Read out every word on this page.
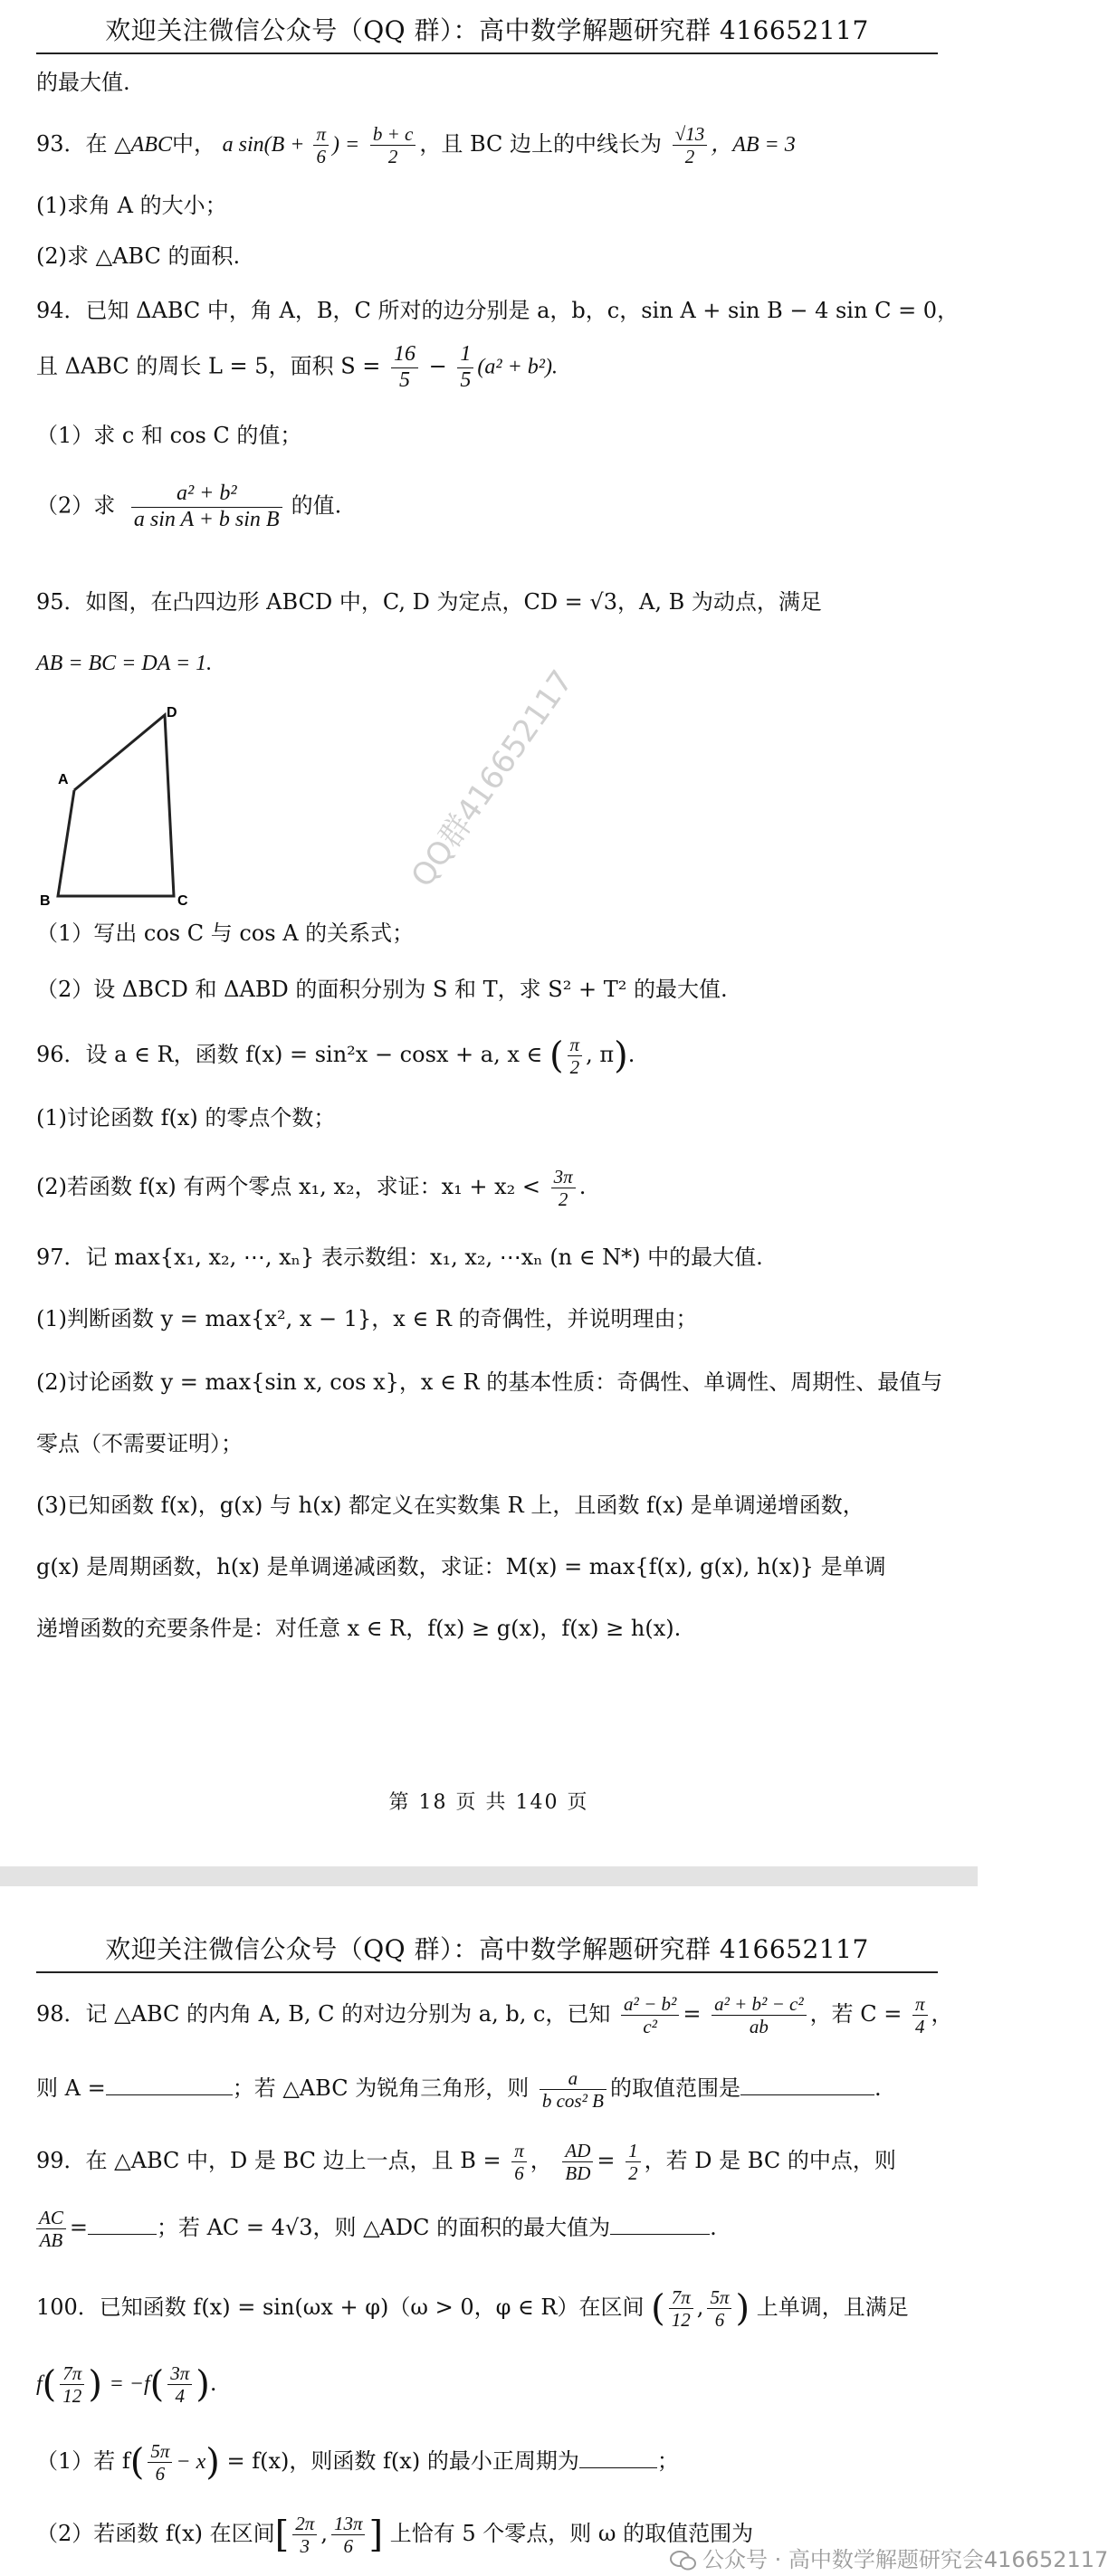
欢迎关注微信公众号（QQ 群）：高中数学解题研究群 416652117
的最大值.
93．在 △ABC中， a $\sin(B + \frac{\pi}{6}$ ) = $\frac{b + c}{2}$ ，且 BC 边上的中线长为 $\frac{√13}{2}$ ，AB = 3
(1)求角 A 的大小；
(2)求 △ABC 的面积.
94．已知 ΔABC 中，角 A，B，C 所对的边分别是 a，b，c，sin A + sin B − 4 sin C = 0，
且 ΔABC 的周长 L = 5，面积 $S = \frac{16}{5} - \frac{1}{5} (a^2 + b^2)$.
（1）求 c 和 cos C 的值；
（2）求 $\frac{\text{a² + b²}}{\text{a sin A + b sin B}}$ 的值.
95．如图，在凸四边形 ABCD 中，C, D 为定点，CD = √3，A, B 为动点，满足
AB = BC = DA = 1.
A
D
B	C
（1）写出 cos C 与 cos A 的关系式；
（2）设 ΔBCD 和 ΔABD 的面积分别为 S 和 T，求 S² + T² 的最大值.
QQ群416652117
96．设 a ∈ R，函数 f(x) = sin²x − cosx + a, x ∈ ( $\frac{\pi}{2}$ , π).
(1)讨论函数 f(x) 的零点个数；
(2)若函数 f(x) 有两个零点 x₁, x₂，求证：$x_1 + x_2 < \frac{3\pi}{2}$ .
97．记 max{x₁, x₂, ⋯, xₙ} 表示数组：x₁, x₂, ⋯xₙ (n ∈ N*) 中的最大值.
(1)判断函数 y = max{x², x − 1}，x ∈ R 的奇偶性，并说明理由；
(2)讨论函数 y = max{sin x, cos x}，x ∈ R 的基本性质：奇偶性、单调性、周期性、最值与
零点（不需要证明）；
(3)已知函数 f(x)，g(x) 与 h(x) 都定义在实数集 R 上，且函数 f(x) 是单调递增函数，
g(x) 是周期函数，h(x) 是单调递减函数，求证：M(x) = max{f(x), g(x), h(x)} 是单调
递增函数的充要条件是：对任意 x ∈ R，f(x) ≥ g(x)，f(x) ≥ h(x).
第 18 页 共 140 页
欢迎关注微信公众号（QQ 群）：高中数学解题研究群 416652117
98．记 △ABC 的内角 A, B, C 的对边分别为 a, b, c，已知 $\frac{\text{a² − b²}}{\text{c²}} = \frac{\text{a² + b² − c²}}{ab}$ ，若 $C = \frac{\pi}{4}$ ，
则 A =	；若 △ABC 为锐角三角形，则 $\frac{a}{\text{b cos² B}}$ 的取值范围是	.
99．在 △ABC 中，D 是 BC 边上一点，且 $B = \frac{\pi}{6}$ ， $\frac{AD}{BD} = \frac{1}{2}$ ，若 D 是 BC 的中点，则
$\frac{AC}{AB}$ =	；若 AC = 4√3，则 △ADC 的面积的最大值为	.
100．已知函数 f(x) = sin(ωx + φ)（ω > 0，φ ∈ R）在区间 ( $\frac{7\pi}{12}$ , $\frac{5\pi}{6}$ ) 上单调，且满足
$f( \frac{7\pi}{12}$ ) = $-f( \frac{3\pi}{4}$ ).
（1）若 $f( \frac{5\pi}{6} - x) = f(x)$，则函数 f(x) 的最小正周期为	；
（2）若函数 f(x) 在区间[ $\frac{2\pi}{3}$ , $\frac{13\pi}{6}$ ] 上恰有 5 个零点，则 ω 的取值范围为
公众号 · 高中数学解题研究会416652117
